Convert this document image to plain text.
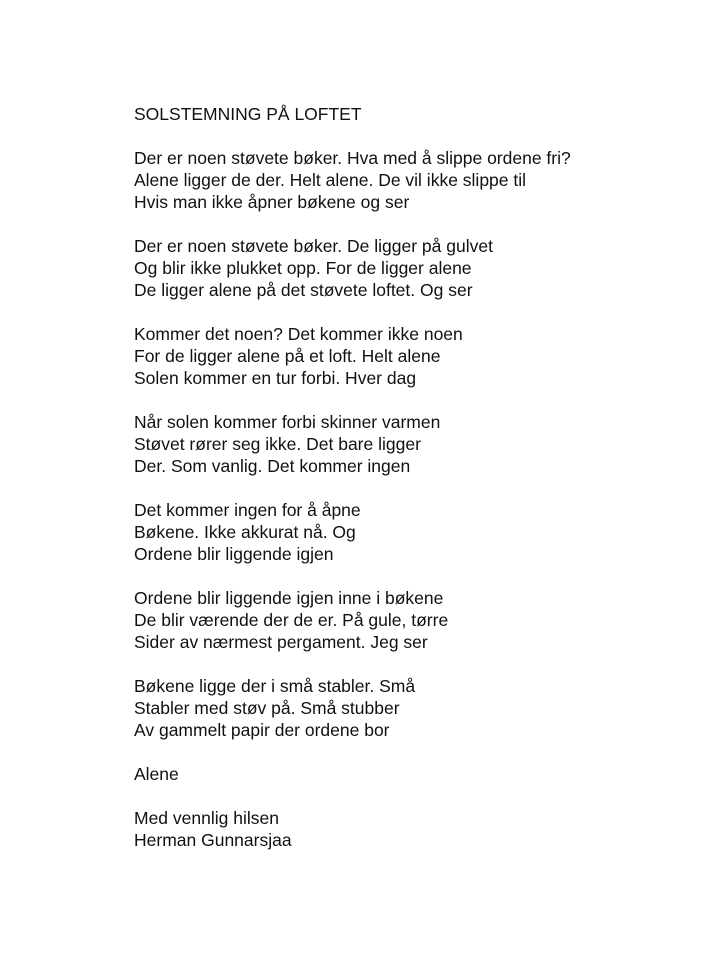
SOLSTEMNING PÅ LOFTET
Der er noen støvete bøker. Hva med å slippe ordene fri?
Alene ligger de der. Helt alene. De vil ikke slippe til
Hvis man ikke åpner bøkene og ser
Der er noen støvete bøker. De ligger på gulvet
Og blir ikke plukket opp. For de ligger alene
De ligger alene på det støvete loftet. Og ser
Kommer det noen? Det kommer ikke noen
For de ligger alene på et loft. Helt alene
Solen kommer en tur forbi. Hver dag
Når solen kommer forbi skinner varmen
Støvet rører seg ikke. Det bare ligger
Der. Som vanlig. Det kommer ingen
Det kommer ingen for å åpne
Bøkene. Ikke akkurat nå. Og
Ordene blir liggende igjen
Ordene blir liggende igjen inne i bøkene
De blir værende der de er. På gule, tørre
Sider av nærmest pergament. Jeg ser
Bøkene ligge der i små stabler. Små
Stabler med støv på. Små stubber
Av gammelt papir der ordene bor
Alene
Med vennlig hilsen
Herman Gunnarsjaa
